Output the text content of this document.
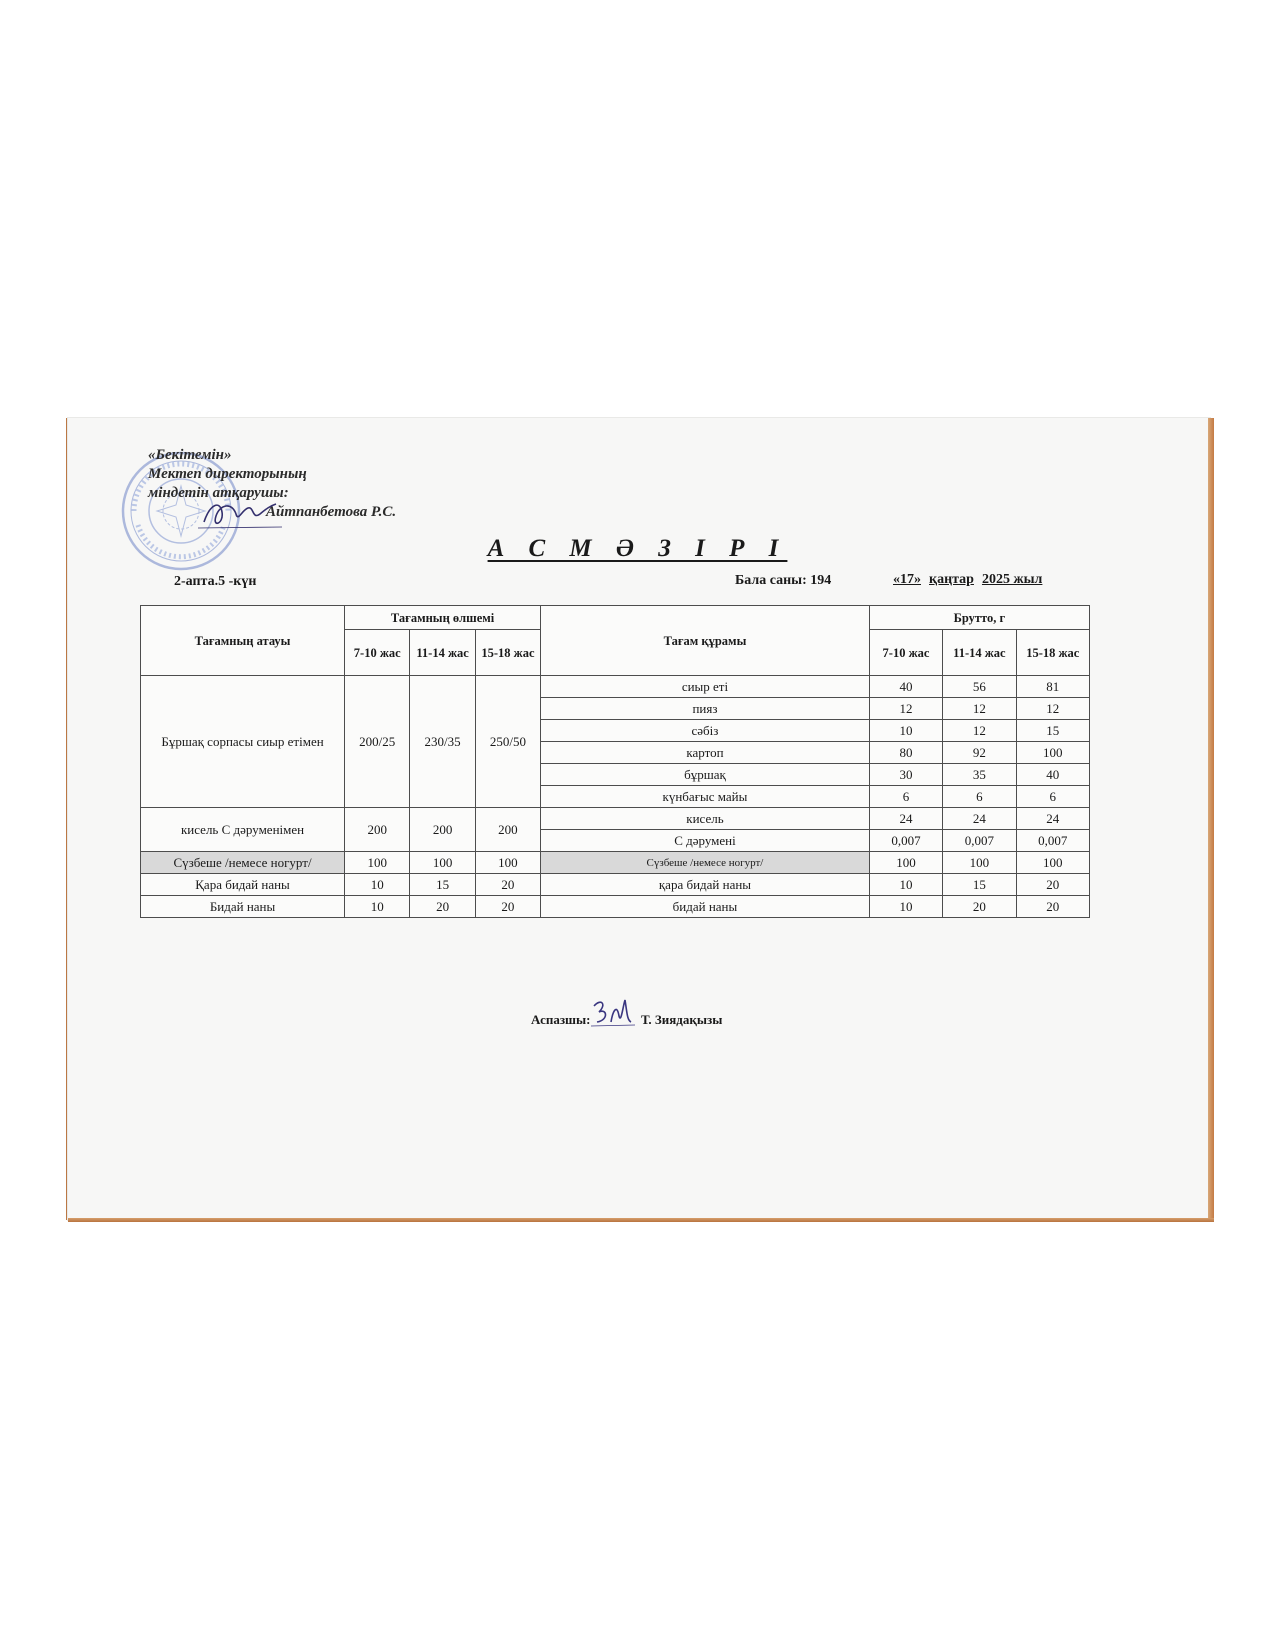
«Бекітемін»
Мектеп директорының
міндетін атқарушы:
Айтпанбетова Р.С.
А С М Ә З І Р І
2-апта.5 -күн	Бала саны: 194	«17» қаңтар 2025 жыл
Тағамның атауы	Тағамның өлшемі			Тағам құрамы	Брутто, г		
	7-10 жас	11-14 жас	15-18 жас		7-10 жас	11-14 жас	15-18 жас
Бұршақ сорпасы сиыр етімен	200/25	230/35	250/50	сиыр еті	40	56	81
				пияз	12	12	12
				сәбіз	10	12	15
				картоп	80	92	100
				бұршақ	30	35	40
				күнбағыс майы	6	6	6
кисель С дәруменімен	200	200	200	кисель	24	24	24
				С дәрумені	0,007	0,007	0,007
Сүзбеше /немесе ногурт/	100	100	100	Сүзбеше /немесе ногурт/	100	100	100
Қара бидай наны	10	15	20	қара бидай наны	10	15	20
Бидай наны	10	20	20	бидай наны	10	20	20
Аспазшы:	Т. Зиядақызы
